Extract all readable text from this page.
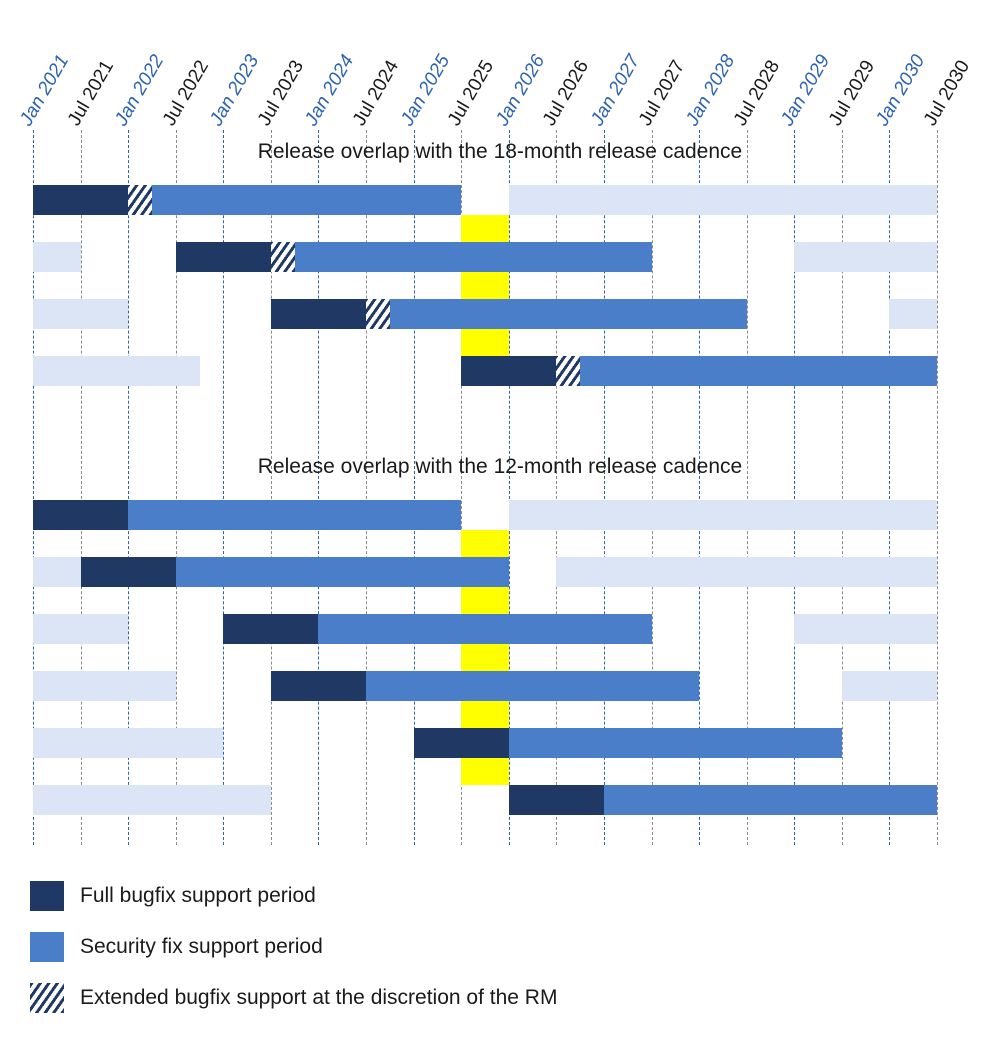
Jan 2021
Jul 2021
Jan 2022
Jul 2022
Jan 2023
Jul 2023
Jan 2024
Jul 2024
Jan 2025
Jul 2025
Jan 2026
Jul 2026
Jan 2027
Jul 2027
Jan 2028
Jul 2028
Jan 2029
Jul 2029
Jan 2030
Jul 2030
Release overlap with the 18-month release cadence
Release overlap with the 12-month release cadence
Full bugfix support period
Security fix support period
Extended bugfix support at the discretion of the RM
